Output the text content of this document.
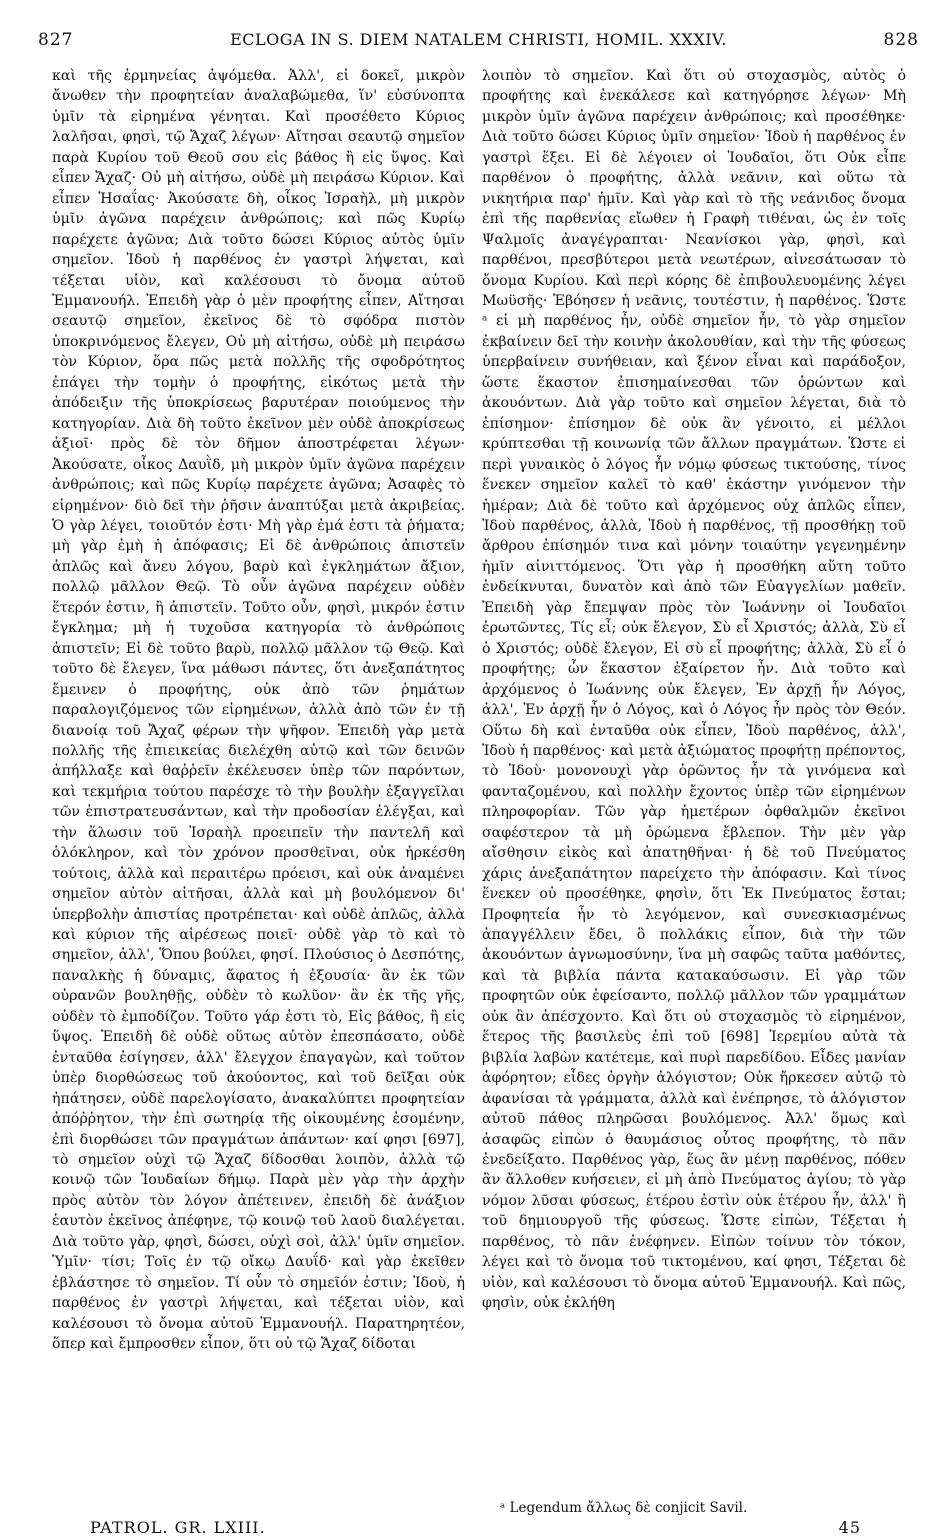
827	ECLOGA IN S. DIEM NATALEM CHRISTI, HOMIL. XXXIV.	828

καὶ τῆς ἑρμηνείας ἁψόμεθα. Ἀλλ', εἰ δοκεῖ, μικρὸν ἄνωθεν τὴν προφητείαν ἀναλαβώμεθα, ἵν' εὐσύνοπτα ὑμῖν τὰ εἰρημένα γένηται. Καὶ προσέθετο Κύριος λαλῆσαι, φησὶ, τῷ Ἄχαζ λέγων· Αἴτησαι σεαυτῷ σημεῖον παρὰ Κυρίου τοῦ Θεοῦ σου εἰς βάθος ἢ εἰς ὕψος. Καὶ εἶπεν Ἄχαζ· Οὐ μὴ αἰτήσω, οὐδὲ μὴ πειράσω Κύριον. Καὶ εἶπεν Ἡσαΐας· Ἀκούσατε δὴ, οἶκος Ἰσραὴλ, μὴ μικρὸν ὑμῖν ἀγῶνα παρέχειν ἀνθρώποις; καὶ πῶς Κυρίῳ παρέχετε ἀγῶνα; Διὰ τοῦτο δώσει Κύριος αὐτὸς ὑμῖν σημεῖον. Ἰδοὺ ἡ παρθένος ἐν γαστρὶ λήψεται, καὶ τέξεται υἱὸν, καὶ καλέσουσι τὸ ὄνομα αὐτοῦ Ἐμμανουήλ. Ἐπειδὴ γὰρ ὁ μὲν προφήτης εἶπεν, Αἴτησαι σεαυτῷ σημεῖον, ἐκεῖνος δὲ τὸ σφόδρα πιστὸν ὑποκρινόμενος ἔλεγεν, Οὐ μὴ αἰτήσω, οὐδὲ μὴ πειράσω τὸν Κύριον, ὅρα πῶς μετὰ πολλῆς τῆς σφοδρότητος ἐπάγει τὴν τομὴν ὁ προφήτης, εἰκότως μετὰ τὴν ἀπόδειξιν τῆς ὑποκρίσεως βαρυτέραν ποιούμενος τὴν κατηγορίαν. Διὰ δὴ τοῦτο ἐκεῖνον μὲν οὐδὲ ἀποκρίσεως ἀξιοῖ· πρὸς δὲ τὸν δῆμον ἀποστρέφεται λέγων· Ἀκούσατε, οἶκος Δαυῒδ, μὴ μικρὸν ὑμῖν ἀγῶνα παρέχειν ἀνθρώποις; καὶ πῶς Κυρίῳ παρέχετε ἀγῶνα; Ἀσαφὲς τὸ εἰρημένον· διὸ δεῖ τὴν ῥῆσιν ἀναπτύξαι μετὰ ἀκριβείας. Ὁ γὰρ λέγει, τοιοῦτόν ἐστι· Μὴ γὰρ ἐμά ἐστι τὰ ῥήματα; μὴ γὰρ ἐμὴ ἡ ἀπόφασις; Εἰ δὲ ἀνθρώποις ἀπιστεῖν ἁπλῶς καὶ ἄνευ λόγου, βαρὺ καὶ ἐγκλημάτων ἄξιον, πολλῷ μᾶλλον Θεῷ. Τὸ οὖν ἀγῶνα παρέχειν οὐδὲν ἕτερόν ἐστιν, ἢ ἀπιστεῖν. Τοῦτο οὖν, φησὶ, μικρόν ἐστιν ἔγκλημα; μὴ ἡ τυχοῦσα κατηγορία τὸ ἀνθρώποις ἀπιστεῖν; Εἰ δὲ τοῦτο βαρὺ, πολλῷ μᾶλλον τῷ Θεῷ. Καὶ τοῦτο δὲ ἔλεγεν, ἵνα μάθωσι πάντες, ὅτι ἀνεξαπάτητος ἔμεινεν ὁ προφήτης, οὐκ ἀπὸ τῶν ῥημάτων παραλογιζόμενος τῶν εἰρημένων, ἀλλὰ ἀπὸ τῶν ἐν τῇ διανοίᾳ τοῦ Ἄχαζ φέρων τὴν ψῆφον. Ἐπειδὴ γὰρ μετὰ πολλῆς τῆς ἐπιεικείας διελέχθη αὐτῷ καὶ τῶν δεινῶν ἀπήλλαξε καὶ θαῤῥεῖν ἐκέλευσεν ὑπὲρ τῶν παρόντων, καὶ τεκμήρια τούτου παρέσχε τὸ τὴν βουλὴν ἐξαγγεῖλαι τῶν ἐπιστρατευσάντων, καὶ τὴν προδοσίαν ἐλέγξαι, καὶ τὴν ἅλωσιν τοῦ Ἰσραὴλ προειπεῖν τὴν παντελῆ καὶ ὁλόκληρον, καὶ τὸν χρόνον προσθεῖναι, οὐκ ἠρκέσθη τούτοις, ἀλλὰ καὶ περαιτέρω πρόεισι, καὶ οὐκ ἀναμένει σημεῖον αὐτὸν αἰτῆσαι, ἀλλὰ καὶ μὴ βουλόμενον δι' ὑπερβολὴν ἀπιστίας προτρέπεται· καὶ οὐδὲ ἁπλῶς, ἀλλὰ καὶ κύριον τῆς αἱρέσεως ποιεῖ· οὐδὲ γὰρ τὸ καὶ τὸ σημεῖον, ἀλλ', Ὅπου βούλει, φησί. Πλούσιος ὁ Δεσπότης, παναλκὴς ἡ δύναμις, ἄφατος ἡ ἐξουσία· ἂν ἐκ τῶν οὐρανῶν βουληθῇς, οὐδὲν τὸ κωλῦον· ἂν ἐκ τῆς γῆς, οὐδὲν τὸ ἐμποδίζον. Τοῦτο γάρ ἐστι τὸ, Εἰς βάθος, ἢ εἰς ὕψος. Ἐπειδὴ δὲ οὐδὲ οὕτως αὐτὸν ἐπεσπάσατο, οὐδὲ ἐνταῦθα ἐσίγησεν, ἀλλ' ἔλεγχον ἐπαγαγὼν, καὶ τοῦτον ὑπὲρ διορθώσεως τοῦ ἀκούοντος, καὶ τοῦ δεῖξαι οὐκ ἠπάτησεν, οὐδὲ παρελογίσατο, ἀνακαλύπτει προφητείαν ἀπόῤῥητον, τὴν ἐπὶ σωτηρίᾳ τῆς οἰκουμένης ἐσομένην, ἐπὶ διορθώσει τῶν πραγμάτων ἁπάντων· καί φησι [697], τὸ σημεῖον οὐχὶ τῷ Ἄχαζ δίδοσθαι λοιπὸν, ἀλλὰ τῷ κοινῷ τῶν Ἰουδαίων δήμῳ. Παρὰ μὲν γὰρ τὴν ἀρχὴν πρὸς αὐτὸν τὸν λόγον ἀπέτεινεν, ἐπειδὴ δὲ ἀνάξιον ἑαυτὸν ἐκεῖνος ἀπέφηνε, τῷ κοινῷ τοῦ λαοῦ διαλέγεται. Διὰ τοῦτο γὰρ, φησὶ, δώσει, οὐχὶ σοὶ, ἀλλ' ὑμῖν σημεῖον. Ὑμῖν· τίσι; Τοῖς ἐν τῷ οἴκῳ Δαυΐδ· καὶ γὰρ ἐκεῖθεν ἐβλάστησε τὸ σημεῖον. Τί οὖν τὸ σημεῖόν ἐστιν; Ἰδοὺ, ἡ παρθένος ἐν γαστρὶ λήψεται, καὶ τέξεται υἱὸν, καὶ καλέσουσι τὸ ὄνομα αὐτοῦ Ἐμμανουήλ. Παρατηρητέον, ὅπερ καὶ ἔμπροσθεν εἶπον, ὅτι οὐ τῷ Ἄχαζ δίδοται

λοιπὸν τὸ σημεῖον. Καὶ ὅτι οὐ στοχασμὸς, αὐτὸς ὁ προφήτης καὶ ἐνεκάλεσε καὶ κατηγόρησε λέγων· Μὴ μικρὸν ὑμῖν ἀγῶνα παρέχειν ἀνθρώποις; καὶ προσέθηκε· Διὰ τοῦτο δώσει Κύριος ὑμῖν σημεῖον· Ἰδοὺ ἡ παρθένος ἐν γαστρὶ ἕξει. Εἰ δὲ λέγοιεν οἱ Ἰουδαῖοι, ὅτι Οὐκ εἶπε παρθένον ὁ προφήτης, ἀλλὰ νεᾶνιν, καὶ οὕτω τὰ νικητήρια παρ' ἡμῖν. Καὶ γὰρ καὶ τὸ τῆς νεάνιδος ὄνομα ἐπὶ τῆς παρθενίας εἴωθεν ἡ Γραφὴ τιθέναι, ὡς ἐν τοῖς Ψαλμοῖς ἀναγέγραπται· Νεανίσκοι γὰρ, φησὶ, καὶ παρθένοι, πρεσβύτεροι μετὰ νεωτέρων, αἰνεσάτωσαν τὸ ὄνομα Κυρίου. Καὶ περὶ κόρης δὲ ἐπιβουλευομένης λέγει Μωϋσῆς· Ἐβόησεν ἡ νεᾶνις, τουτέστιν, ἡ παρθένος. Ὥστε ᵃ εἰ μὴ παρθένος ἦν, οὐδὲ σημεῖον ἦν, τὸ γὰρ σημεῖον ἐκβαίνειν δεῖ τὴν κοινὴν ἀκολουθίαν, καὶ τὴν τῆς φύσεως ὑπερβαίνειν συνήθειαν, καὶ ξένον εἶναι καὶ παράδοξον, ὥστε ἕκαστον ἐπισημαίνεσθαι τῶν ὁρώντων καὶ ἀκουόντων. Διὰ γὰρ τοῦτο καὶ σημεῖον λέγεται, διὰ τὸ ἐπίσημον· ἐπίσημον δὲ οὐκ ἂν γένοιτο, εἰ μέλλοι κρύπτεσθαι τῇ κοινωνίᾳ τῶν ἄλλων πραγμάτων. Ὥστε εἰ περὶ γυναικὸς ὁ λόγος ἦν νόμῳ φύσεως τικτούσης, τίνος ἕνεκεν σημεῖον καλεῖ τὸ καθ' ἑκάστην γινόμενον τὴν ἡμέραν; Διὰ δὲ τοῦτο καὶ ἀρχόμενος οὐχ ἁπλῶς εἶπεν, Ἰδοὺ παρθένος, ἀλλὰ, Ἰδοὺ ἡ παρθένος, τῇ προσθήκῃ τοῦ ἄρθρου ἐπίσημόν τινα καὶ μόνην τοιαύτην γεγενημένην ἡμῖν αἰνιττόμενος. Ὅτι γὰρ ἡ προσθήκη αὕτη τοῦτο ἐνδείκνυται, δυνατὸν καὶ ἀπὸ τῶν Εὐαγγελίων μαθεῖν. Ἐπειδὴ γὰρ ἔπεμψαν πρὸς τὸν Ἰωάννην οἱ Ἰουδαῖοι ἐρωτῶντες, Τίς εἶ; οὐκ ἔλεγον, Σὺ εἶ Χριστός; ἀλλὰ, Σὺ εἶ ὁ Χριστός; οὐδὲ ἔλεγον, Εἰ σὺ εἶ προφήτης; ἀλλὰ, Σὺ εἶ ὁ προφήτης; ὧν ἕκαστον ἐξαίρετον ἦν. Διὰ τοῦτο καὶ ἀρχόμενος ὁ Ἰωάννης οὐκ ἔλεγεν, Ἐν ἀρχῇ ἦν Λόγος, ἀλλ', Ἐν ἀρχῇ ἦν ὁ Λόγος, καὶ ὁ Λόγος ἦν πρὸς τὸν Θεόν. Οὕτω δὴ καὶ ἐνταῦθα οὐκ εἶπεν, Ἰδοὺ παρθένος, ἀλλ', Ἰδοὺ ἡ παρθένος· καὶ μετὰ ἀξιώματος προφήτῃ πρέποντος, τὸ Ἰδοὺ· μονονουχὶ γὰρ ὁρῶντος ἦν τὰ γινόμενα καὶ φανταζομένου, καὶ πολλὴν ἔχοντος ὑπὲρ τῶν εἰρημένων πληροφορίαν. Τῶν γὰρ ἡμετέρων ὀφθαλμῶν ἐκεῖνοι σαφέστερον τὰ μὴ ὁρώμενα ἔβλεπον. Τὴν μὲν γὰρ αἴσθησιν εἰκὸς καὶ ἀπατηθῆναι· ἡ δὲ τοῦ Πνεύματος χάρις ἀνεξαπάτητον παρείχετο τὴν ἀπόφασιν. Καὶ τίνος ἕνεκεν οὐ προσέθηκε, φησὶν, ὅτι Ἐκ Πνεύματος ἔσται; Προφητεία ἦν τὸ λεγόμενον, καὶ συνεσκιασμένως ἀπαγγέλλειν ἔδει, ὃ πολλάκις εἶπον, διὰ τὴν τῶν ἀκουόντων ἀγνωμοσύνην, ἵνα μὴ σαφῶς ταῦτα μαθόντες, καὶ τὰ βιβλία πάντα κατακαύσωσιν. Εἰ γὰρ τῶν προφητῶν οὐκ ἐφείσαντο, πολλῷ μᾶλλον τῶν γραμμάτων οὐκ ἂν ἀπέσχοντο. Καὶ ὅτι οὐ στοχασμὸς τὸ εἰρημένον, ἕτερος τῆς βασιλεὺς ἐπὶ τοῦ [698] Ἱερεμίου αὐτὰ τὰ βιβλία λαβὼν κατέτεμε, καὶ πυρὶ παρεδίδου. Εἶδες μανίαν ἀφόρητον; εἶδες ὀργὴν ἀλόγιστον; Οὐκ ἤρκεσεν αὐτῷ τὸ ἀφανίσαι τὰ γράμματα, ἀλλὰ καὶ ἐνέπρησε, τὸ ἀλόγιστον αὐτοῦ πάθος πληρῶσαι βουλόμενος. Ἀλλ' ὅμως καὶ ἀσαφῶς εἰπὼν ὁ θαυμάσιος οὗτος προφήτης, τὸ πᾶν ἐνεδείξατο. Παρθένος γὰρ, ἕως ἂν μένῃ παρθένος, πόθεν ἂν ἄλλοθεν κυήσειεν, εἰ μὴ ἀπὸ Πνεύματος ἁγίου; τὸ γὰρ νόμον λῦσαι φύσεως, ἑτέρου ἐστὶν οὐκ ἑτέρου ἦν, ἀλλ' ἢ τοῦ δημιουργοῦ τῆς φύσεως. Ὥστε εἰπὼν, Τέξεται ἡ παρθένος, τὸ πᾶν ἐνέφηνεν. Εἰπὼν τοίνυν τὸν τόκον, λέγει καὶ τὸ ὄνομα τοῦ τικτομένου, καί φησι, Τέξεται δὲ υἱὸν, καὶ καλέσουσι τὸ ὄνομα αὐτοῦ Ἐμμανουήλ. Καὶ πῶς, φησὶν, οὐκ ἐκλήθη

ᵃ Legendum ἄλλως δὲ conjicit Savil.
PATROL. GR. LXIII.	45
